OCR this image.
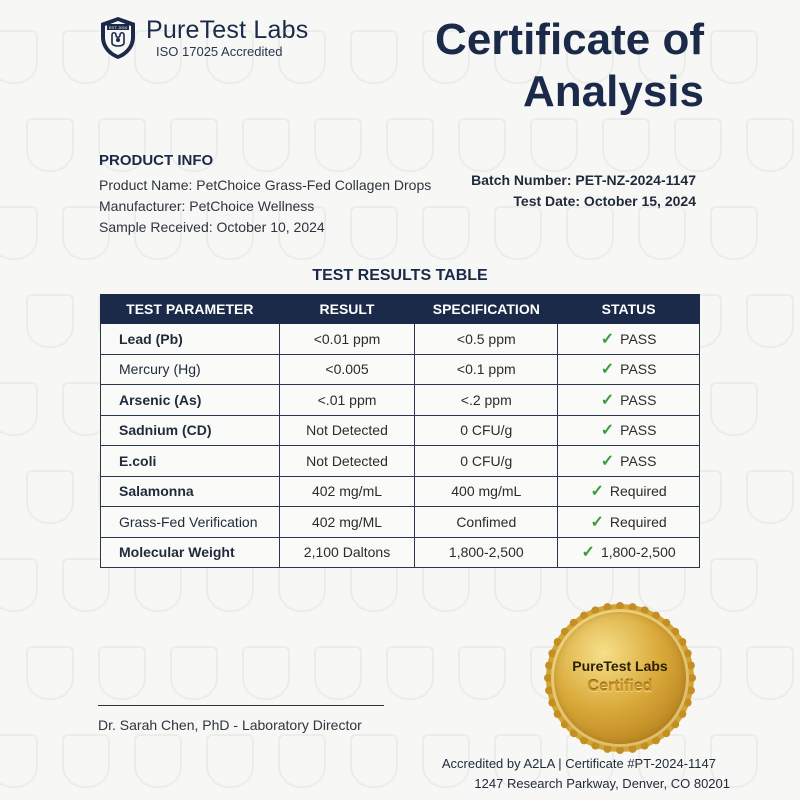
EST. 2010 PureTest Labs
ISO 17025 Accredited	Certificate of Analysis
PRODUCT INFO
Product Name: PetChoice Grass-Fed Collagen Drops
Manufacturer: PetChoice Wellness
Sample Received: October 10, 2024
Batch Number: PET-NZ-2024-1147
Test Date: October 15, 2024
TEST RESULTS TABLE
TEST PARAMETER	RESULT	SPECIFICATION	STATUS
Lead (Pb)	<0.01 ppm	<0.5 ppm	✓ PASS
Mercury (Hg)	<0.005	<0.1 ppm	✓ PASS
Arsenic (As)	<.01 ppm	<.2 ppm	✓ PASS
Sadnium (CD)	Not Detected	0 CFU/g	✓ PASS
E.coli	Not Detected	0 CFU/g	✓ PASS
Salamonna	402 mg/mL	400 mg/mL	✓ Required
Grass-Fed Verification	402 mg/ML	Confimed	✓ Required
Molecular Weight	2,100 Daltons	1,800-2,500	✓ 1,800-2,500
Dr. Sarah Chen, PhD - Laboratory Director
PureTest Labs
Certified
Accredited by A2LA | Certificate #PT-2024-1147
1247 Research Parkway, Denver, CO 80201
